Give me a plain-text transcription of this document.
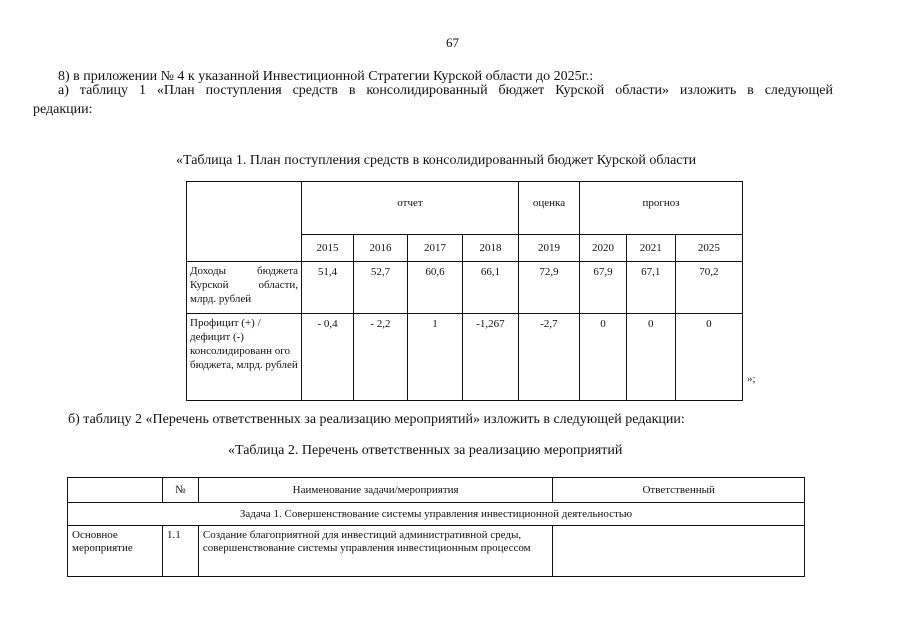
67
8) в приложении № 4 к указанной Инвестиционной Стратегии Курской области до 2025г.:
а) таблицу 1 «План поступления средств в консолидированный бюджет Курской области» изложить в следующей
редакции:
«Таблица 1. План поступления средств в консолидированный бюджет Курской области
	отчет				оценка	прогноз		
	2015	2016	2017	2018	2019	2020	2021	2025
Доходы бюджета Курской области, млрд. рублей	51,4	52,7	60,6	66,1	72,9	67,9	67,1	70,2
Профицит (+) / дефицит (-) консолидированн ого бюджета, млрд. рублей	- 0,4	- 2,2	1	-1,267	-2,7	0	0	0
»;
б) таблицу 2 «Перечень ответственных за реализацию мероприятий» изложить в следующей редакции:
«Таблица 2. Перечень ответственных за реализацию мероприятий
	№	Наименование задачи/мероприятия	Ответственный
Задача 1. Совершенствование системы управления инвестиционной деятельностью			
Основное мероприятие	1.1	Создание благоприятной для инвестиций административной среды, совершенствование системы управления инвестиционным процессом	
